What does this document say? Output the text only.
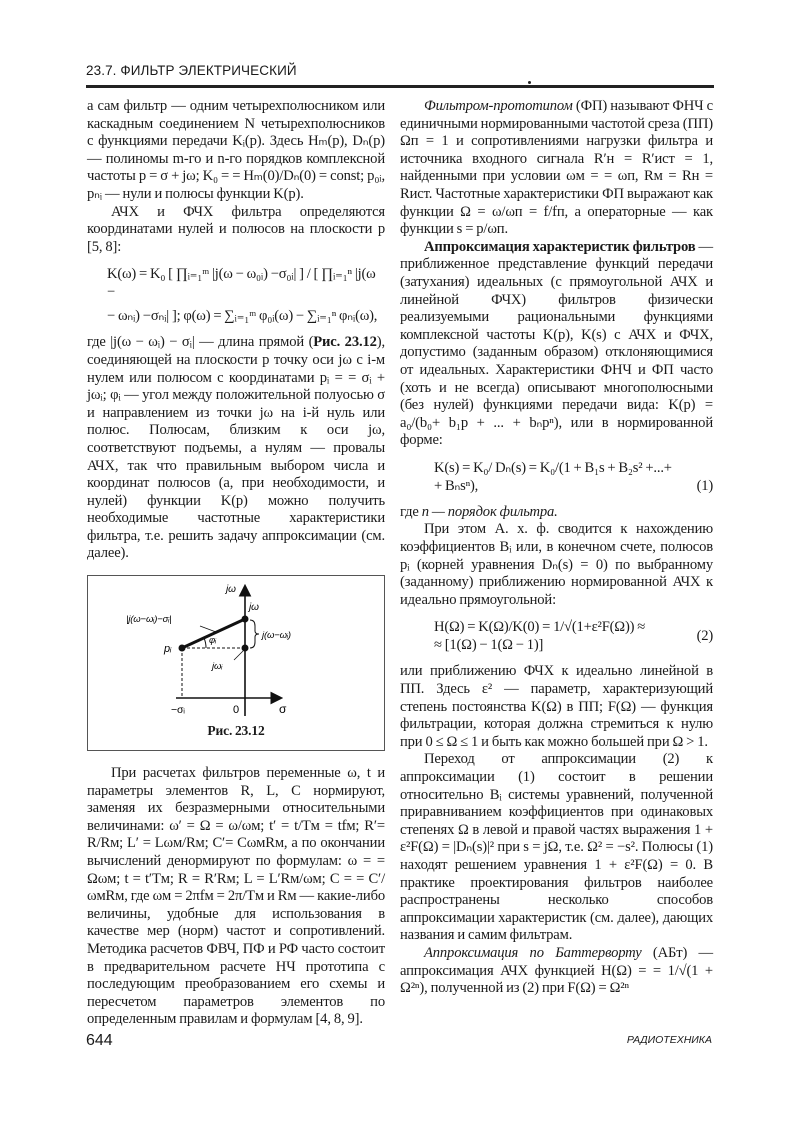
23.7. ФИЛЬТР ЭЛЕКТРИЧЕСКИЙ

а сам фильтр — одним четырехполюсником или каскадным соединением N четырехполюсников с функциями передачи Kᵢ(p). Здесь Hₘ(p), Dₙ(p) — полиномы m-го и n-го порядков комплексной частоты p = σ + jω; K₀ = = Hₘ(0)/Dₙ(0) = const; p₀ᵢ, pₙᵢ — нули и полюсы функции K(p).

АЧХ и ФЧХ фильтра определяются координатами нулей и полюсов на плоскости p [5, 8]:

K(ω) = K₀ [ ∏ᵢ₌₁ᵐ |j(ω − ω₀ᵢ) −σ₀ᵢ| ] / [ ∏ᵢ₌₁ⁿ |j(ω −
− ωₙᵢ) −σₙᵢ| ]; φ(ω) = ∑ᵢ₌₁ᵐ φ₀ᵢ(ω) − ∑ᵢ₌₁ⁿ φₙᵢ(ω),

где |j(ω − ωᵢ) − σᵢ| — длина прямой (Рис. 23.12), соединяющей на плоскости p точку оси jω с i-м нулем или полюсом с координатами pᵢ = = σᵢ + jωᵢ; φᵢ — угол между положительной полуосью σ и направлением из точки jω на i-й нуль или полюс. Полюсам, близким к оси jω, соответствуют подъемы, а нулям — провалы АЧХ, так что правильным выбором числа и координат полюсов (а, при необходимости, и нулей) функции K(p) можно получить необходимые частотные характеристики фильтра, т.е. решить задачу аппроксимации (см. далее).

jω
jω
|j(ω−ωᵢ)−σᵢ|
j(ω−ωᵢ)
pᵢ
φᵢ
jωᵢ
−σᵢ	0	σ
Рис. 23.12

При расчетах фильтров переменные ω, t и параметры элементов R, L, C нормируют, заменяя их безразмерными относительными величинами: ω′ = Ω = ω/ωм; t′ = t/Tм = tfм; R′= R/Rм; L′ = Lωм/Rм; C′= CωмRм, а по окончании вычислений денормируют по формулам: ω = = Ωωм; t = t′Tм; R = R′Rм; L = L′Rм/ωм; C = = C′/ωмRм, где ωм = 2πfм = 2π/Tм и Rм — какие-либо величины, удобные для использования в качестве мер (норм) частот и сопротивлений. Методика расчетов ФВЧ, ПФ и РФ часто состоит в предварительном расчете НЧ прототипа с последующим преобразованием его схемы и пересчетом параметров элементов по определенным правилам и формулам [4, 8, 9].

Фильтром-прототипом (ФП) называют ФНЧ с единичными нормированными частотой среза (ПП) Ωп = 1 и сопротивлениями нагрузки фильтра и источника входного сигнала R′н = R′ист = 1, найденными при условии ωм = = ωп, Rм = Rн = Rист. Частотные характеристики ФП выражают как функции Ω = ω/ωп = f/fп, а операторные — как функции s = p/ωп.

Аппроксимация характеристик фильтров — приближенное представление функций передачи (затухания) идеальных (с прямоугольной АЧХ и линейной ФЧХ) фильтров физически реализуемыми рациональными функциями комплексной частоты K(p), K(s) с АЧХ и ФЧХ, допустимо (заданным образом) отклоняющимися от идеальных. Характеристики ФНЧ и ФП часто (хоть и не всегда) описывают многополюсными (без нулей) функциями передачи вида: K(p) = a₀/(b₀+ b₁p + ... + bₙpⁿ), или в нормированной форме:

K(s) = K₀/ Dₙ(s) = K₀/(1 + B₁s + B₂s² +...+
+ Bₙsⁿ),	(1)

где n — порядок фильтра.

При этом А. х. ф. сводится к нахождению коэффициентов Bᵢ или, в конечном счете, полюсов pᵢ (корней уравнения Dₙ(s) = 0) по выбранному (заданному) приближению нормированной АЧХ к идеально прямоугольной:

H(Ω) = K(Ω)/K(0) = 1/√(1+ε²F(Ω)) ≈
≈ [1(Ω) − 1(Ω − 1)]
(2)

или приближению ФЧХ к идеально линейной в ПП. Здесь ε² — параметр, характеризующий степень постоянства K(Ω) в ПП; F(Ω) — функция фильтрации, которая должна стремиться к нулю при 0 ≤ Ω ≤ 1 и быть как можно большей при Ω > 1.

Переход от аппроксимации (2) к аппроксимации (1) состоит в решении относительно Bᵢ системы уравнений, полученной приравниванием коэффициентов при одинаковых степенях Ω в левой и правой частях выражения 1 + ε²F(Ω) = |Dₙ(s)|² при s = jΩ, т.е. Ω² = −s². Полюсы (1) находят решением уравнения 1 + ε²F(Ω) = 0. В практике проектирования фильтров наиболее распространены несколько способов аппроксимации характеристик (см. далее), дающих названия и самим фильтрам.

Аппроксимация по Баттерворту (АБт) — аппроксимация АЧХ функцией H(Ω) = = 1/√(1 + Ω²ⁿ), полученной из (2) при F(Ω) = Ω²ⁿ

644	РАДИОТЕХНИКА
